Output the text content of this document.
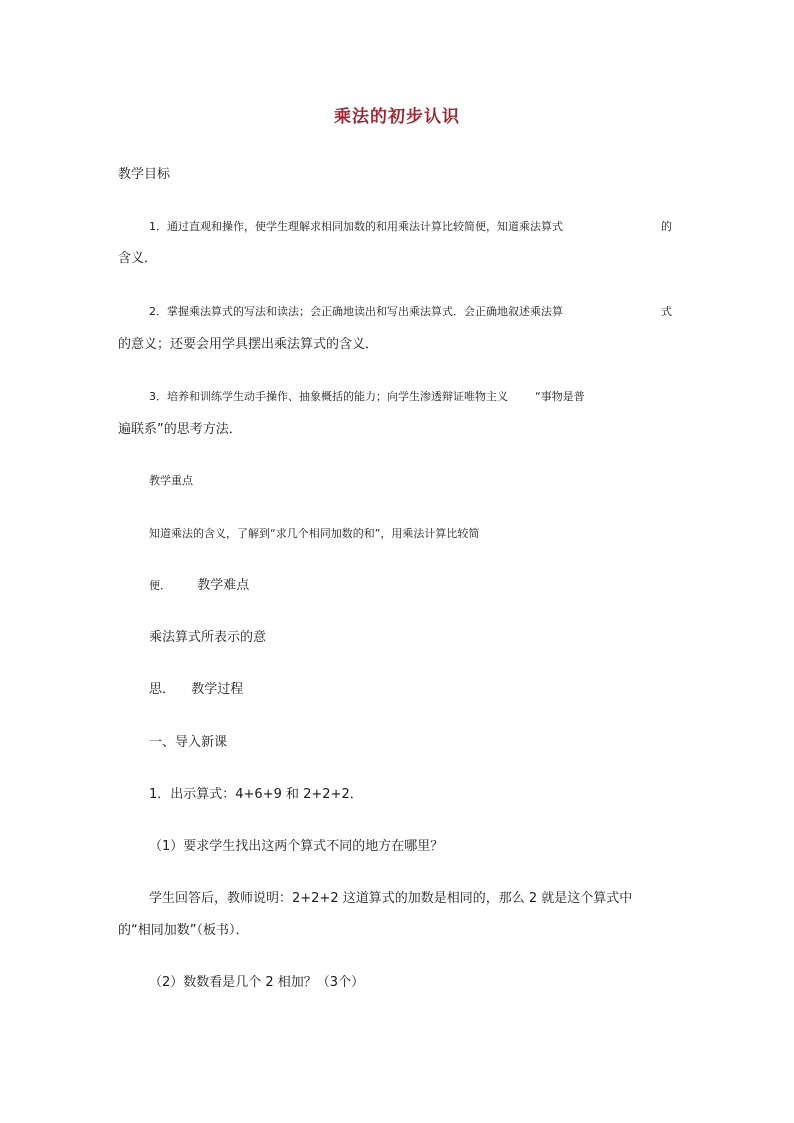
乘法的初步认识
教学目标
1．通过直观和操作，使学生理解求相同加数的和用乘法计算比较简便，知道乘法算式	的
含义．
2．掌握乘法算式的写法和读法；会正确地读出和写出乘法算式．会正确地叙述乘法算	式
的意义；还要会用学具摆出乘法算式的含义．
3．培养和训练学生动手操作、抽象概括的能力；向学生渗透辩证唯物主义 “事物是普
遍联系”的思考方法．
教学重点
知道乘法的含义，了解到“求几个相同加数的和”，用乘法计算比较简
便． 教学难点
乘法算式所表示的意
思． 教学过程
一、导入新课
1．出示算式：4+6+9 和 2+2+2．
（1）要求学生找出这两个算式不同的地方在哪里？
学生回答后，教师说明：2+2+2 这道算式的加数是相同的，那么 2 就是这个算式中
的“相同加数”（板书）．
（2）数数看是几个 2 相加？（3个）
